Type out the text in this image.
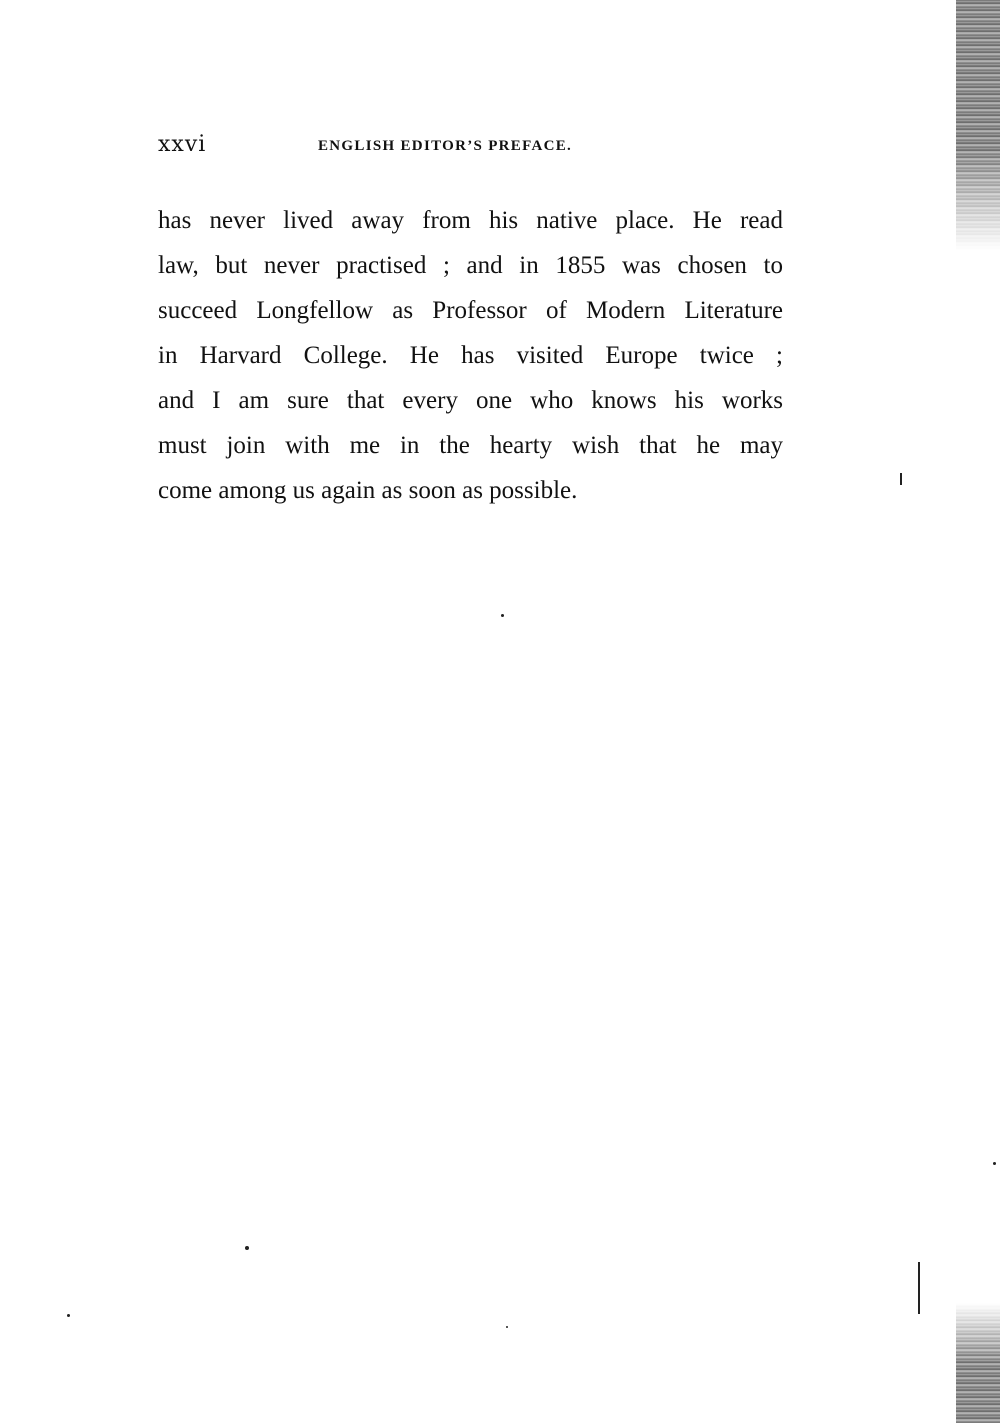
xxvi	ENGLISH EDITOR’S PREFACE.
has never lived away from his native place. He read
law, but never practised ; and in 1855 was chosen to
succeed Longfellow as Professor of Modern Literature
in Harvard College. He has visited Europe twice ;
and I am sure that every one who knows his works
must join with me in the hearty wish that he may
come among us again as soon as possible.
